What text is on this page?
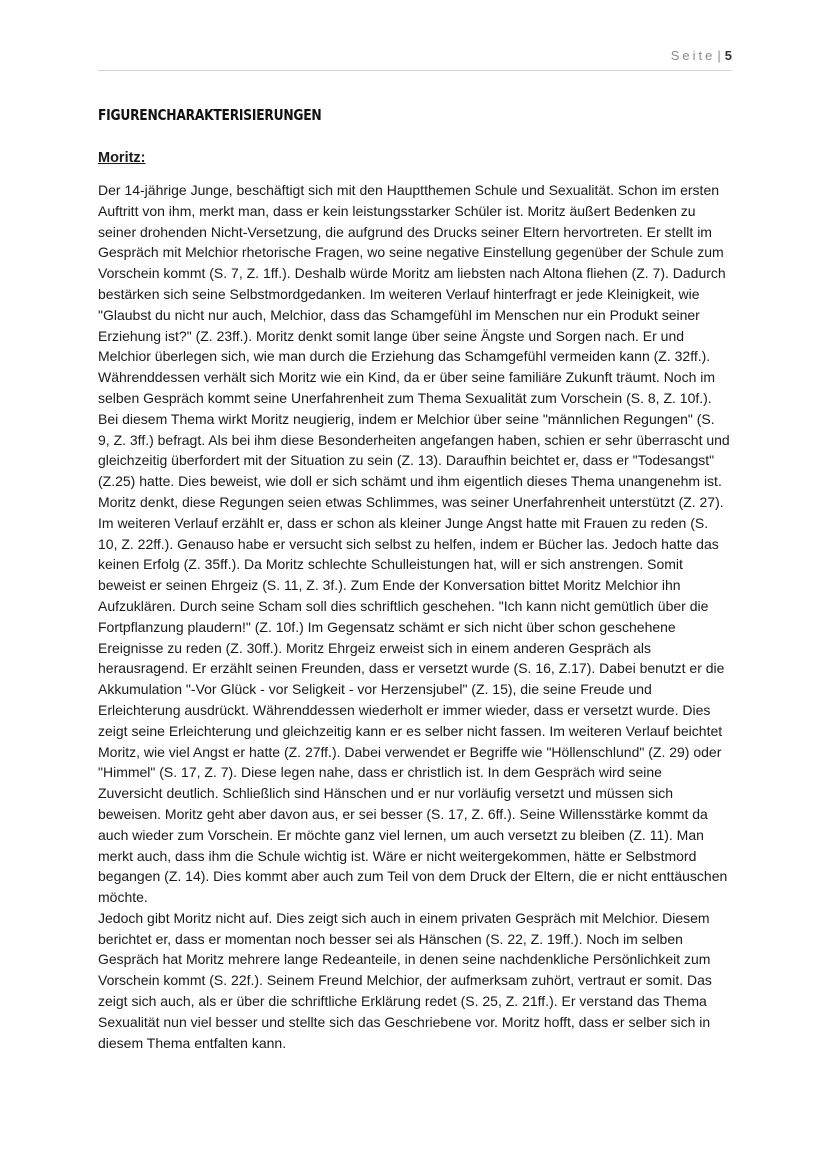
Seite | 5
FIGURENCHARAKTERISIERUNGEN
Moritz:

Der 14-jährige Junge, beschäftigt sich mit den Hauptthemen Schule und Sexualität. Schon im ersten Auftritt von ihm, merkt man, dass er kein leistungsstarker Schüler ist. Moritz äußert Bedenken zu seiner drohenden Nicht-Versetzung, die aufgrund des Drucks seiner Eltern hervortreten. Er stellt im Gespräch mit Melchior rhetorische Fragen, wo seine negative Einstellung gegenüber der Schule zum Vorschein kommt (S. 7, Z. 1ff.). Deshalb würde Moritz am liebsten nach Altona fliehen (Z. 7). Dadurch bestärken sich seine Selbstmordgedanken. Im weiteren Verlauf hinterfragt er jede Kleinigkeit, wie "Glaubst du nicht nur auch, Melchior, dass das Schamgefühl im Menschen nur ein Produkt seiner Erziehung ist?" (Z. 23ff.). Moritz denkt somit lange über seine Ängste und Sorgen nach. Er und Melchior überlegen sich, wie man durch die Erziehung das Schamgefühl vermeiden kann (Z. 32ff.). Währenddessen verhält sich Moritz wie ein Kind, da er über seine familiäre Zukunft träumt. Noch im selben Gespräch kommt seine Unerfahrenheit zum Thema Sexualität zum Vorschein (S. 8, Z. 10f.). Bei diesem Thema wirkt Moritz neugierig, indem er Melchior über seine "männlichen Regungen" (S. 9, Z. 3ff.) befragt. Als bei ihm diese Besonderheiten angefangen haben, schien er sehr überrascht und gleichzeitig überfordert mit der Situation zu sein (Z. 13). Daraufhin beichtet er, dass er "Todesangst" (Z.25) hatte. Dies beweist, wie doll er sich schämt und ihm eigentlich dieses Thema unangenehm ist. Moritz denkt, diese Regungen seien etwas Schlimmes, was seiner Unerfahrenheit unterstützt (Z. 27). Im weiteren Verlauf erzählt er, dass er schon als kleiner Junge Angst hatte mit Frauen zu reden (S. 10, Z. 22ff.). Genauso habe er versucht sich selbst zu helfen, indem er Bücher las. Jedoch hatte das keinen Erfolg (Z. 35ff.). Da Moritz schlechte Schulleistungen hat, will er sich anstrengen. Somit beweist er seinen Ehrgeiz (S. 11, Z. 3f.). Zum Ende der Konversation bittet Moritz Melchior ihn Aufzuklären. Durch seine Scham soll dies schriftlich geschehen. "Ich kann nicht gemütlich über die Fortpflanzung plaudern!" (Z. 10f.) Im Gegensatz schämt er sich nicht über schon geschehene Ereignisse zu reden (Z. 30ff.). Moritz Ehrgeiz erweist sich in einem anderen Gespräch als herausragend. Er erzählt seinen Freunden, dass er versetzt wurde (S. 16, Z.17). Dabei benutzt er die Akkumulation "-Vor Glück - vor Seligkeit - vor Herzensjubel" (Z. 15), die seine Freude und Erleichterung ausdrückt. Währenddessen wiederholt er immer wieder, dass er versetzt wurde. Dies zeigt seine Erleichterung und gleichzeitig kann er es selber nicht fassen. Im weiteren Verlauf beichtet Moritz, wie viel Angst er hatte (Z. 27ff.). Dabei verwendet er Begriffe wie "Höllenschlund" (Z. 29) oder "Himmel" (S. 17, Z. 7). Diese legen nahe, dass er christlich ist. In dem Gespräch wird seine Zuversicht deutlich. Schließlich sind Hänschen und er nur vorläufig versetzt und müssen sich beweisen. Moritz geht aber davon aus, er sei besser (S. 17, Z. 6ff.). Seine Willensstärke kommt da auch wieder zum Vorschein. Er möchte ganz viel lernen, um auch versetzt zu bleiben (Z. 11). Man merkt auch, dass ihm die Schule wichtig ist. Wäre er nicht weitergekommen, hätte er Selbstmord begangen (Z. 14). Dies kommt aber auch zum Teil von dem Druck der Eltern, die er nicht enttäuschen möchte.

Jedoch gibt Moritz nicht auf. Dies zeigt sich auch in einem privaten Gespräch mit Melchior. Diesem berichtet er, dass er momentan noch besser sei als Hänschen (S. 22, Z. 19ff.). Noch im selben Gespräch hat Moritz mehrere lange Redeanteile, in denen seine nachdenkliche Persönlichkeit zum Vorschein kommt (S. 22f.). Seinem Freund Melchior, der aufmerksam zuhört, vertraut er somit. Das zeigt sich auch, als er über die schriftliche Erklärung redet (S. 25, Z. 21ff.). Er verstand das Thema Sexualität nun viel besser und stellte sich das Geschriebene vor. Moritz hofft, dass er selber sich in diesem Thema entfalten kann.
